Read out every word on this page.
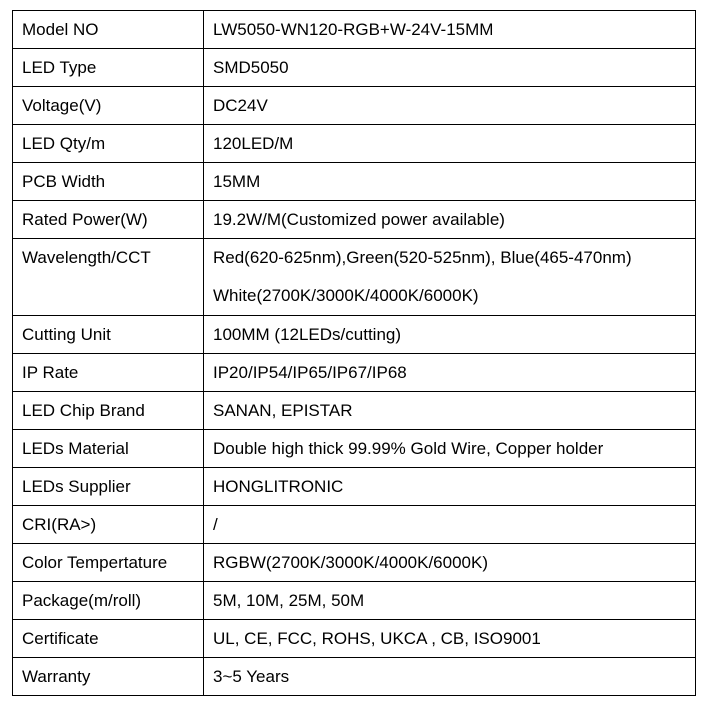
Model NO	LW5050-WN120-RGB+W-24V-15MM
LED Type	SMD5050
Voltage(V)	DC24V
LED Qty/m	120LED/M
PCB Width	15MM
Rated Power(W)	19.2W/M(Customized power available)
Wavelength/CCT	Red(620-625nm),Green(520-525nm), Blue(465-470nm)
White(2700K/3000K/4000K/6000K)

Cutting Unit	100MM (12LEDs/cutting)
IP Rate	IP20/IP54/IP65/IP67/IP68
LED Chip Brand	SANAN, EPISTAR
LEDs Material	Double high thick 99.99% Gold Wire, Copper holder
LEDs Supplier	HONGLITRONIC
CRI(RA>)	/
Color Tempertature	RGBW(2700K/3000K/4000K/6000K)
Package(m/roll)	5M, 10M, 25M, 50M
Certificate	UL, CE, FCC, ROHS, UKCA , CB, ISO9001
Warranty	3~5 Years
